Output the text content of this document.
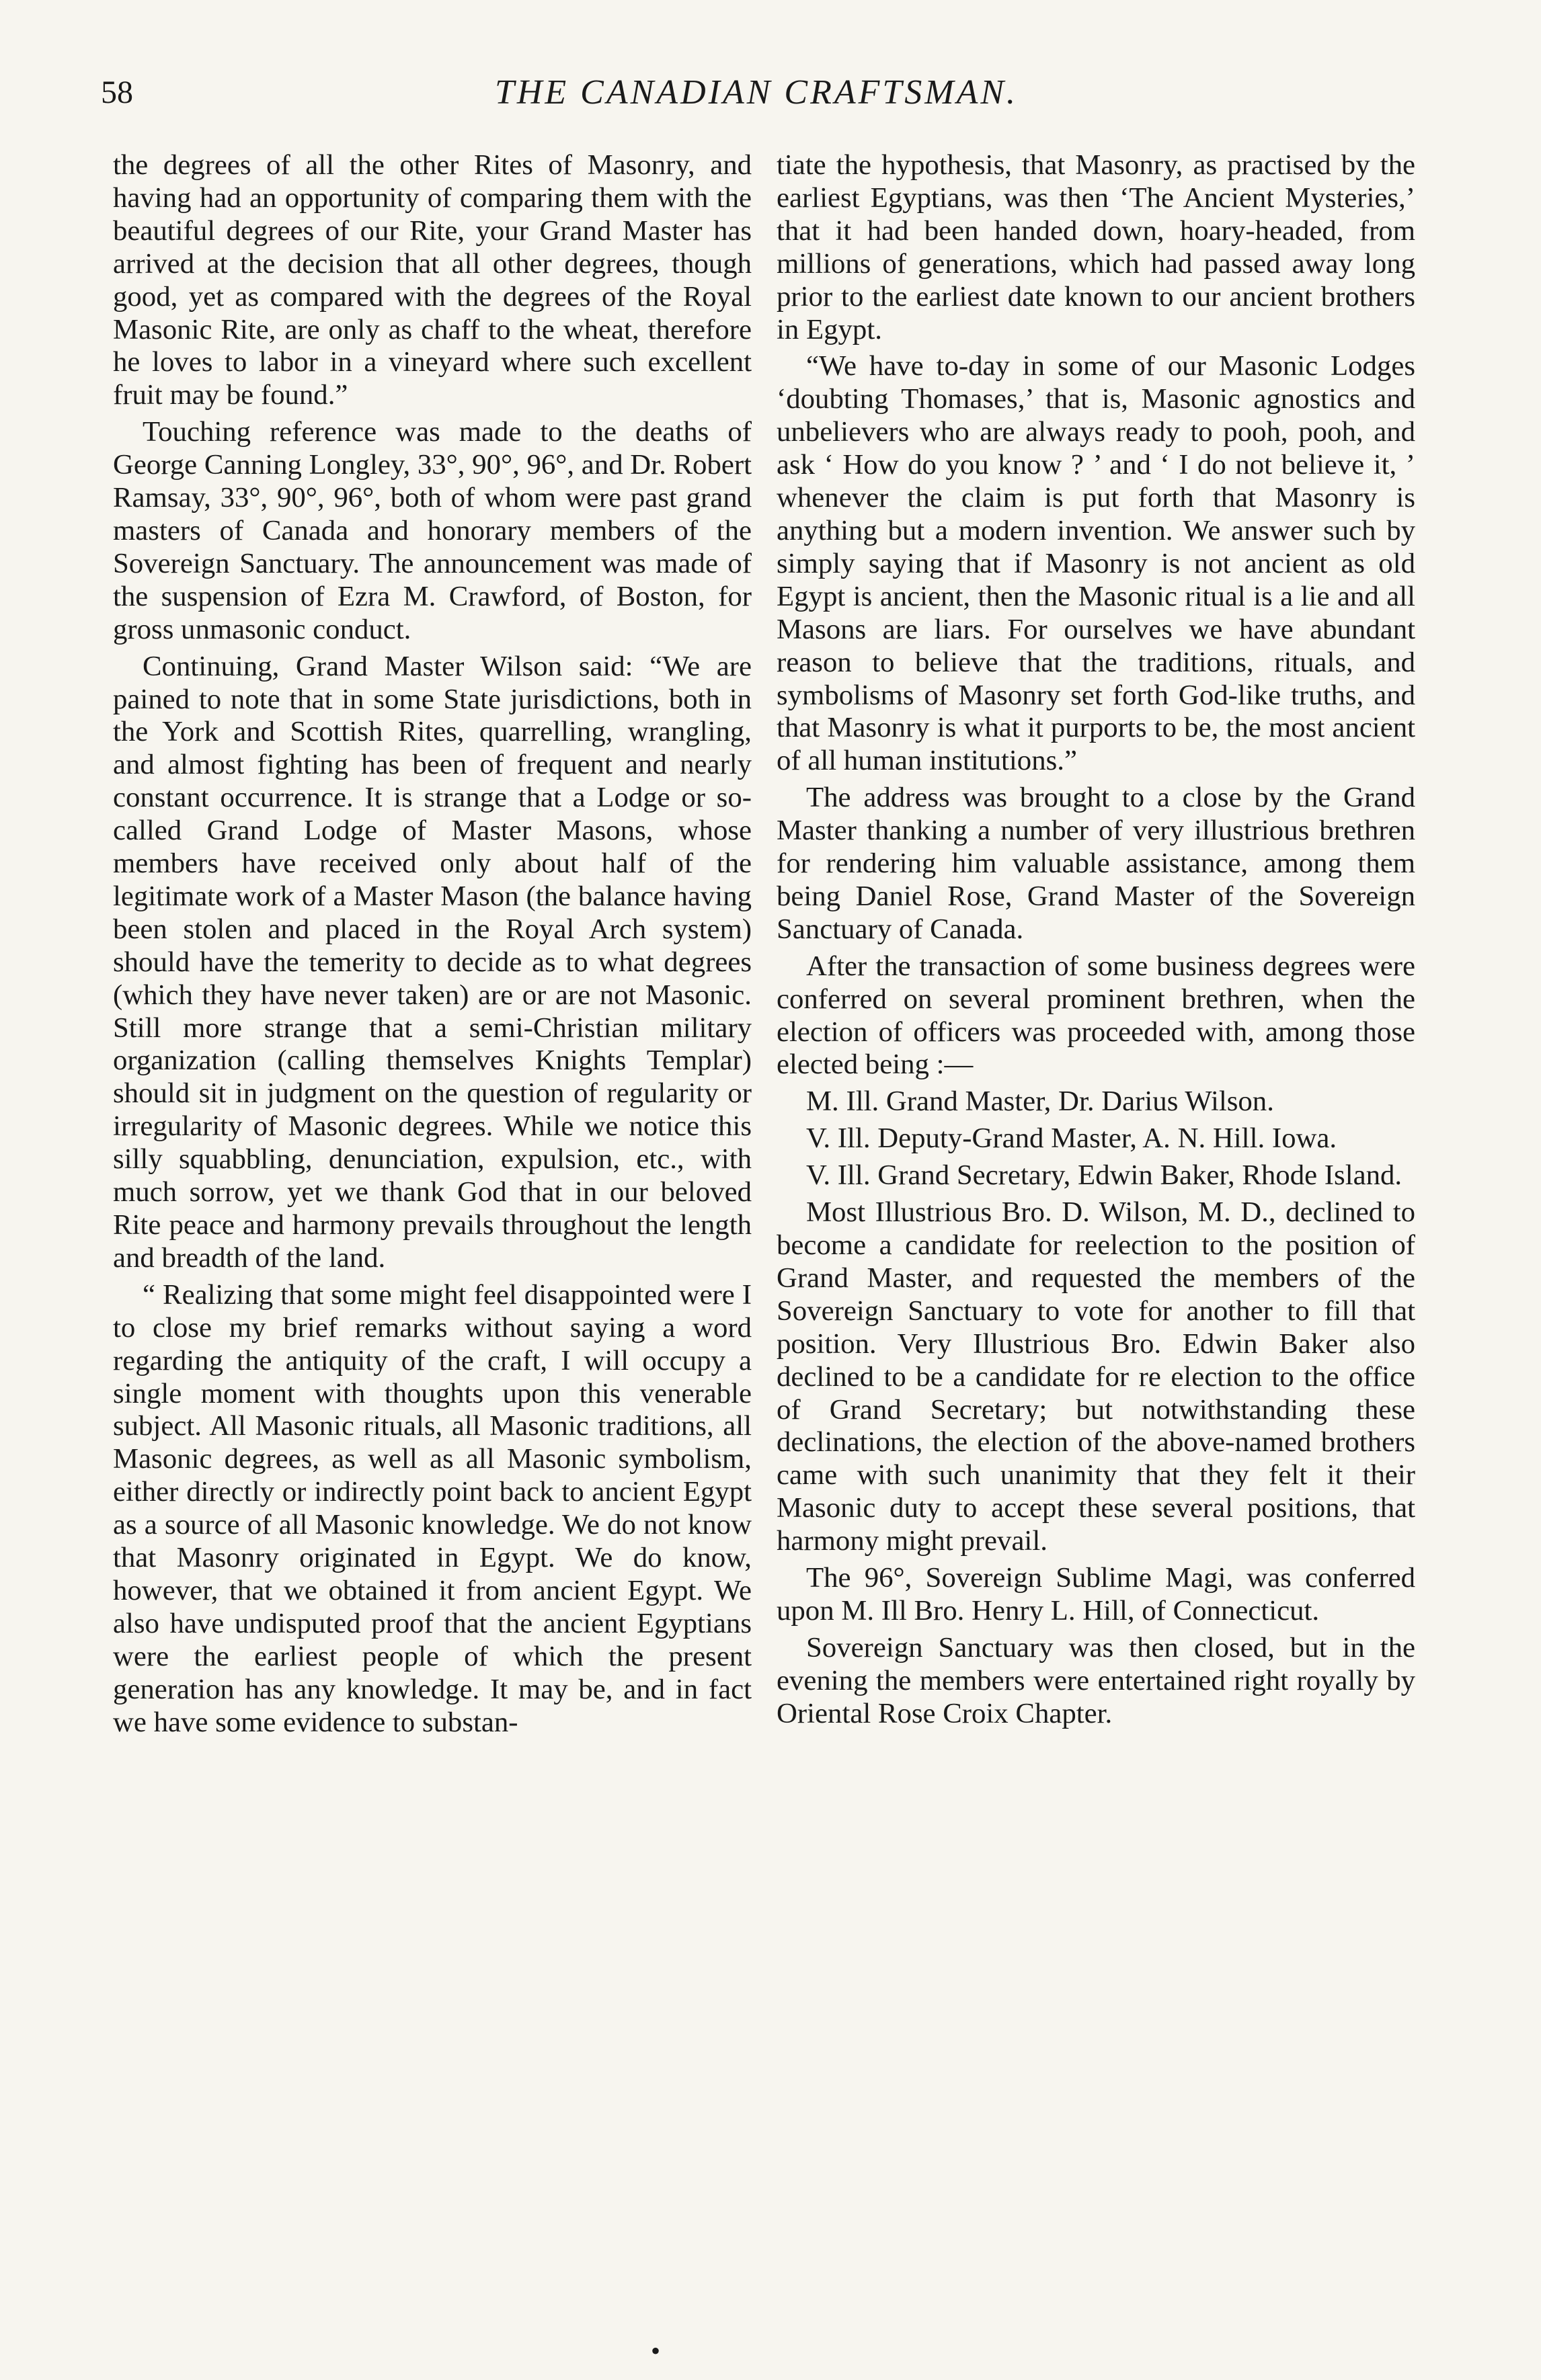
58	THE CANADIAN CRAFTSMAN.

the degrees of all the other Rites of Masonry, and having had an opportunity of comparing them with the beautiful degrees of our Rite, your Grand Master has arrived at the decision that all other degrees, though good, yet as compared with the degrees of the Royal Masonic Rite, are only as chaff to the wheat, therefore he loves to labor in a vineyard where such excellent fruit may be found.”

Touching reference was made to the deaths of George Canning Longley, 33°, 90°, 96°, and Dr. Robert Ramsay, 33°, 90°, 96°, both of whom were past grand masters of Canada and honorary members of the Sovereign Sanctuary. The announcement was made of the suspension of Ezra M. Crawford, of Boston, for gross unmasonic conduct.

Continuing, Grand Master Wilson said: “We are pained to note that in some State jurisdictions, both in the York and Scottish Rites, quarrelling, wrangling, and almost fighting has been of frequent and nearly constant occurrence. It is strange that a Lodge or so-called Grand Lodge of Master Masons, whose members have received only about half of the legitimate work of a Master Mason (the balance having been stolen and placed in the Royal Arch system) should have the temerity to decide as to what degrees (which they have never taken) are or are not Masonic. Still more strange that a semi-Christian military organization (calling themselves Knights Templar) should sit in judgment on the question of regularity or irregularity of Masonic degrees. While we notice this silly squabbling, denunciation, expulsion, etc., with much sorrow, yet we thank God that in our beloved Rite peace and harmony prevails throughout the length and breadth of the land.

“ Realizing that some might feel disappointed were I to close my brief remarks without saying a word regarding the antiquity of the craft, I will occupy a single moment with thoughts upon this venerable subject. All Masonic rituals, all Masonic traditions, all Masonic degrees, as well as all Masonic symbolism, either directly or indirectly point back to ancient Egypt as a source of all Masonic knowledge. We do not know that Masonry originated in Egypt. We do know, however, that we obtained it from ancient Egypt. We also have undisputed proof that the ancient Egyptians were the earliest people of which the present generation has any knowledge. It may be, and in fact we have some evidence to substan-

tiate the hypothesis, that Masonry, as practised by the earliest Egyptians, was then ‘The Ancient Mysteries,’ that it had been handed down, hoary-headed, from millions of generations, which had passed away long prior to the earliest date known to our ancient brothers in Egypt.

“We have to-day in some of our Masonic Lodges ‘doubting Thomases,’ that is, Masonic agnostics and unbelievers who are always ready to pooh, pooh, and ask ‘ How do you know ? ’ and ‘ I do not believe it, ’ whenever the claim is put forth that Masonry is anything but a modern invention. We answer such by simply saying that if Masonry is not ancient as old Egypt is ancient, then the Masonic ritual is a lie and all Masons are liars. For ourselves we have abundant reason to believe that the traditions, rituals, and symbolisms of Masonry set forth God-like truths, and that Masonry is what it purports to be, the most ancient of all human institutions.”

The address was brought to a close by the Grand Master thanking a number of very illustrious brethren for rendering him valuable assistance, among them being Daniel Rose, Grand Master of the Sovereign Sanctuary of Canada.

After the transaction of some business degrees were conferred on several prominent brethren, when the election of officers was proceeded with, among those elected being :—

M. Ill. Grand Master, Dr. Darius Wilson.

V. Ill. Deputy-Grand Master, A. N. Hill. Iowa.

V. Ill. Grand Secretary, Edwin Baker, Rhode Island.

Most Illustrious Bro. D. Wilson, M. D., declined to become a candidate for reelection to the position of Grand Master, and requested the members of the Sovereign Sanctuary to vote for another to fill that position. Very Illustrious Bro. Edwin Baker also declined to be a candidate for re election to the office of Grand Secretary; but notwithstanding these declinations, the election of the above-named brothers came with such unanimity that they felt it their Masonic duty to accept these several positions, that harmony might prevail.

The 96°, Sovereign Sublime Magi, was conferred upon M. Ill Bro. Henry L. Hill, of Connecticut.

Sovereign Sanctuary was then closed, but in the evening the members were entertained right royally by Oriental Rose Croix Chapter.

•
